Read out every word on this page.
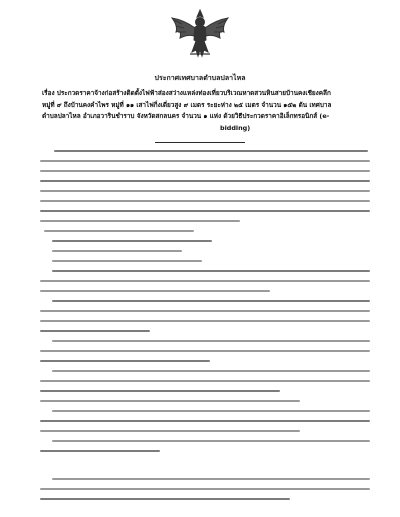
ประกาศเทศบาลตำบลปลาไหล
เรื่อง ประกวดราคาจ้างก่อสร้างติดตั้งไฟฟ้าส่องสว่างแหล่งท่องเที่ยวบริเวณหาดสวนหินสายบ้านคงเชียงคลึก
หมู่ที่ ๙ ถึงบ้านคงคำไพร หมู่ที่ ๑๑ เสาไฟกิ่งเดี่ยวสูง ๙ เมตร ระยะห่าง ๒๕ เมตร จำนวน ๑๕๒ ต้น เทศบาล
ตำบลปลาไหล อำเภอวารินชำราบ จังหวัดสกลนคร จำนวน ๑ แห่ง ด้วยวิธีประกวดราคาอิเล็กทรอนิกส์ (e-
bidding)
